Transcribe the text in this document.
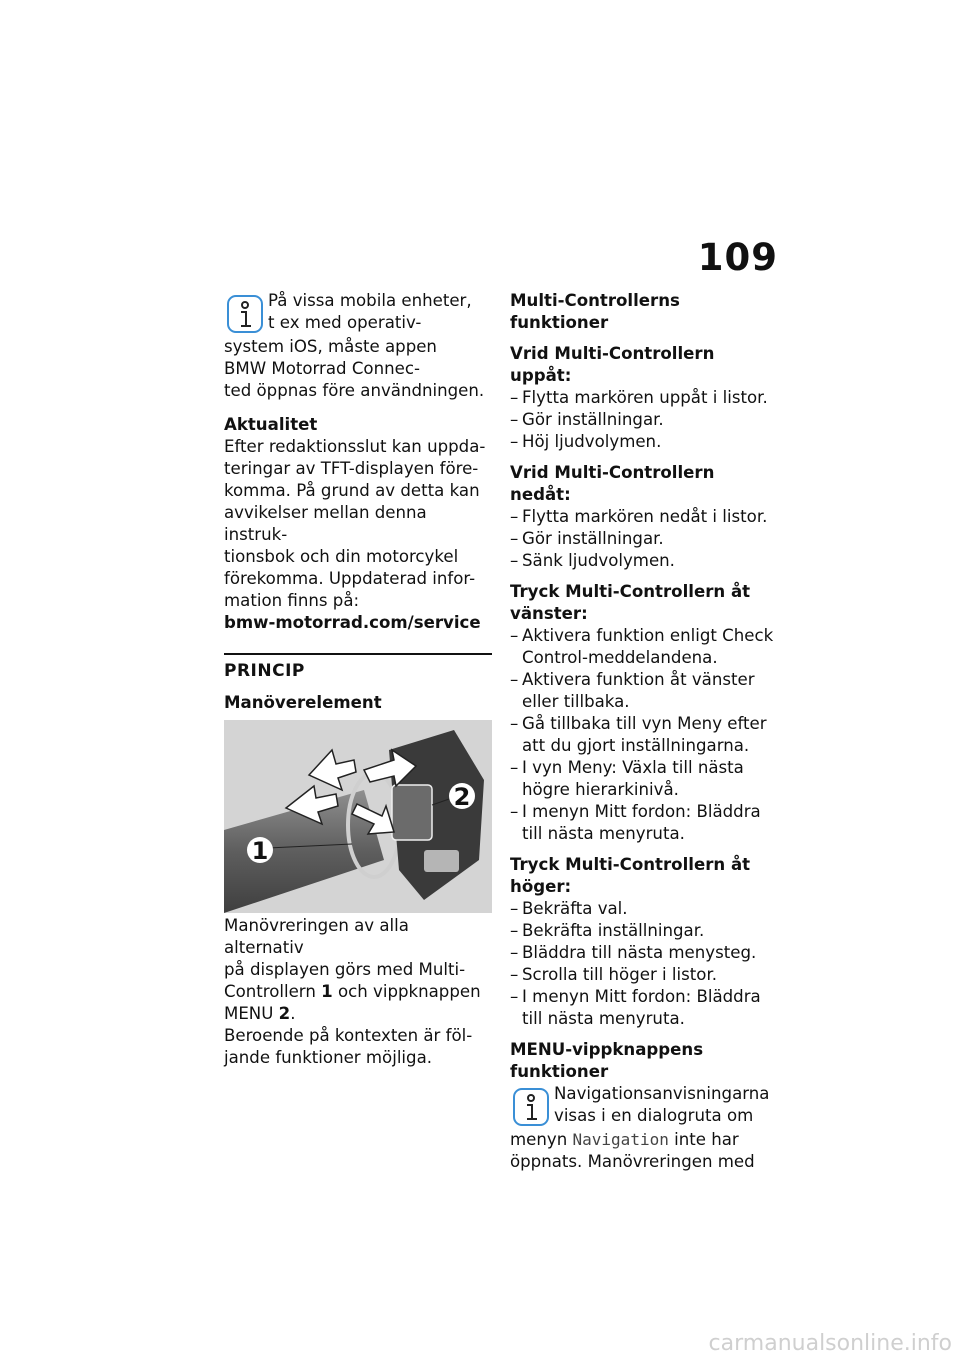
109

På vissa mobila enheter,

t ex med operativ-

system iOS, måste appen

BMW Motorrad Connec-

ted öppnas före användningen.

Aktualitet

Efter redaktionsslut kan uppda-

teringar av TFT-displayen före-

komma. På grund av detta kan

avvikelser mellan denna instruk-

tionsbok och din motorcykel

förekomma. Uppdaterad infor-

mation finns på:

bmw-motorrad.com/service

PRINCIP

Manöverelement

1
2

Manövreringen av alla alternativ

på displayen görs med Multi-

Controllern 1 och vippknappen

MENU 2.

Beroende på kontexten är föl-

jande funktioner möjliga.

Multi-Controllerns funktioner

Vrid Multi-Controllern uppåt:

– Flytta markören uppåt i listor.
– Gör inställningar.
– Höj ljudvolymen.

Vrid Multi-Controllern nedåt:

– Flytta markören nedåt i listor.
– Gör inställningar.
– Sänk ljudvolymen.

Tryck Multi-Controllern åt

vänster:

– Aktivera funktion enligt Check
Control-meddelandena.
– Aktivera funktion åt vänster
eller tillbaka.
– Gå tillbaka till vyn Meny efter
att du gjort inställningarna.
– I vyn Meny: Växla till nästa
högre hierarkinivå.
– I menyn Mitt fordon: Bläddra
till nästa menyruta.

Tryck Multi-Controllern åt

höger:

– Bekräfta val.
– Bekräfta inställningar.
– Bläddra till nästa menysteg.
– Scrolla till höger i listor.
– I menyn Mitt fordon: Bläddra
till nästa menyruta.

MENU-vippknappens

funktioner

Navigationsanvisningarna

visas i en dialogruta om

menyn Navigation inte har

öppnats. Manövreringen med

carmanualsonline.info
